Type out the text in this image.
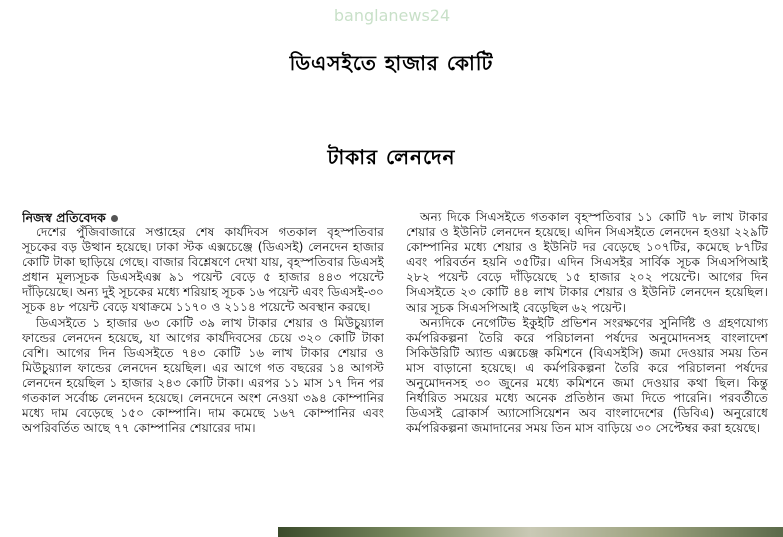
banglanews24
ডিএসইতে হাজার কোটি
টাকার লেনদেন
নিজস্ব প্রতিবেদক

দেশের পুঁজিবাজারে সপ্তাহের শেষ কার্যদিবস গতকাল বৃহস্পতিবার সূচকের বড় উত্থান হয়েছে। ঢাকা স্টক এক্সচেঞ্জে (ডিএসই) লেনদেন হাজার কোটি টাকা ছাড়িয়ে গেছে। বাজার বিশ্লেষণে দেখা যায়, বৃহস্পতিবার ডিএসই প্রধান মূল্যসূচক ডিএসইএক্স ৯১ পয়েন্ট বেড়ে ৫ হাজার ৪৪৩ পয়েন্টে দাঁড়িয়েছে। অন্য দুই সূচকের মধ্যে শরিয়াহ সূচক ১৬ পয়েন্ট এবং ডিএসই-৩০ সূচক ৪৮ পয়েন্ট বেড়ে যথাক্রমে ১১৭০ ও ২১১৪ পয়েন্টে অবস্থান করছে।

ডিএসইতে ১ হাজার ৬৩ কোটি ৩৯ লাখ টাকার শেয়ার ও মিউচুয়্যাল ফান্ডের লেনদেন হয়েছে, যা আগের কার্যদিবসের চেয়ে ৩২০ কোটি টাকা বেশি। আগের দিন ডিএসইতে ৭৪৩ কোটি ১৬ লাখ টাকার শেয়ার ও মিউচুয়্যাল ফান্ডের লেনদেন হয়েছিল। এর আগে গত বছরের ১৪ আগস্ট লেনদেন হয়েছিল ১ হাজার ২৪৩ কোটি টাকা। এরপর ১১ মাস ১৭ দিন পর গতকাল সর্বোচ্চ লেনদেন হয়েছে। লেনদেনে অংশ নেওয়া ৩৯৪ কোম্পানির মধ্যে দাম বেড়েছে ১৫০ কোম্পানি। দাম কমেছে ১৬৭ কোম্পানির এবং অপরিবর্তিত আছে ৭৭ কোম্পানির শেয়ারের দাম।

অন্য দিকে সিএসইতে গতকাল বৃহস্পতিবার ১১ কোটি ৭৮ লাখ টাকার শেয়ার ও ইউনিট লেনদেন হয়েছে। এদিন সিএসইতে লেনদেন হওয়া ২২৯টি কোম্পানির মধ্যে শেয়ার ও ইউনিট দর বেড়েছে ১০৭টির, কমেছে ৮৭টির এবং পরিবর্তন হয়নি ৩৫টির। এদিন সিএসইর সার্বিক সূচক সিএসপিআই ২৮২ পয়েন্ট বেড়ে দাঁড়িয়েছে ১৫ হাজার ২০২ পয়েন্টে। আগের দিন সিএসইতে ২৩ কোটি ৪৪ লাখ টাকার শেয়ার ও ইউনিট লেনদেন হয়েছিল। আর সূচক সিএসপিআই বেড়েছিল ৬২ পয়েন্ট।

অন্যদিকে নেগেটিভ ইকুইটি প্রভিশন সংরক্ষণের সুনির্দিষ্ট ও গ্রহণযোগ্য কর্মপরিকল্পনা তৈরি করে পরিচালনা পর্ষদের অনুমোদনসহ বাংলাদেশ সিকিউরিটি অ্যান্ড এক্সচেঞ্জ কমিশনে (বিএসইসি) জমা দেওয়ার সময় তিন মাস বাড়ানো হয়েছে। এ কর্মপরিকল্পনা তৈরি করে পরিচালনা পর্ষদের অনুমোদনসহ ৩০ জুনের মধ্যে কমিশনে জমা দেওয়ার কথা ছিল। কিন্তু নির্ধারিত সময়ের মধ্যে অনেক প্রতিষ্ঠান জমা দিতে পারেনি। পরবর্তীতে ডিএসই ব্রোকার্স অ্যাসোসিয়েশন অব বাংলাদেশের (ডিবিএ) অনুরোধে কর্মপরিকল্পনা জমাদানের সময় তিন মাস বাড়িয়ে ৩০ সেপ্টেম্বর করা হয়েছে।
